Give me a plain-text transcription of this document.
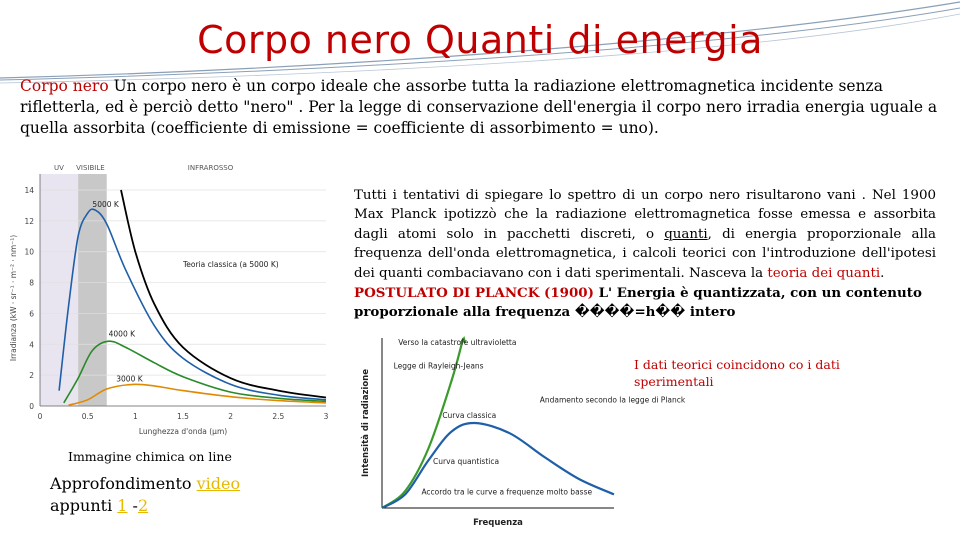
Corpo nero Quanti di energia
Corpo nero Un corpo nero è un corpo ideale che assorbe tutta la radiazione elettromagnetica incidente senza rifletterla, ed è perciò detto "nero" . Per la legge di conservazione dell'energia il corpo nero irradia energia uguale a quella assorbita (coefficiente di emissione = coefficiente di assorbimento = uno).
0
2
4
6
8
10
12
14
0	0.5	1	1.5	2	2.5	3
UV VISIBILE	INFRAROSSO
Lunghezza d'onda (μm)
Irradianza (kW · sr⁻¹ · m⁻² · nm⁻¹)
5000 K
4000 K
3000 K
Teoria classica (a 5000 K)
Immagine chimica on line
Approfondimento video
appunti 1 -2
Tutti i tentativi di spiegare lo spettro di un corpo nero risultarono vani . Nel 1900 Max Planck ipotizzò che la radiazione elettromagnetica fosse emessa e assorbita dagli atomi solo in pacchetti discreti, o quanti, di energia proporzionale alla frequenza dell'onda elettromagnetica, i calcoli teorici con l'introduzione dell'ipotesi dei quanti combaciavano con i dati sperimentali. Nasceva la teoria dei quanti.
POSTULATO DI PLANCK (1900) L' Energia è quantizzata, con un contenuto
proporzionale alla frequenza ����=h�� intero
Frequenza
Intensità di radiazione
Verso la catastrofe ultravioletta
Legge di Rayleigh-Jeans
Curva classica
Curva quantistica
Andamento secondo la legge di Planck
Accordo tra le curve a frequenze molto basse
I dati teorici coincidono co i dati sperimentali
